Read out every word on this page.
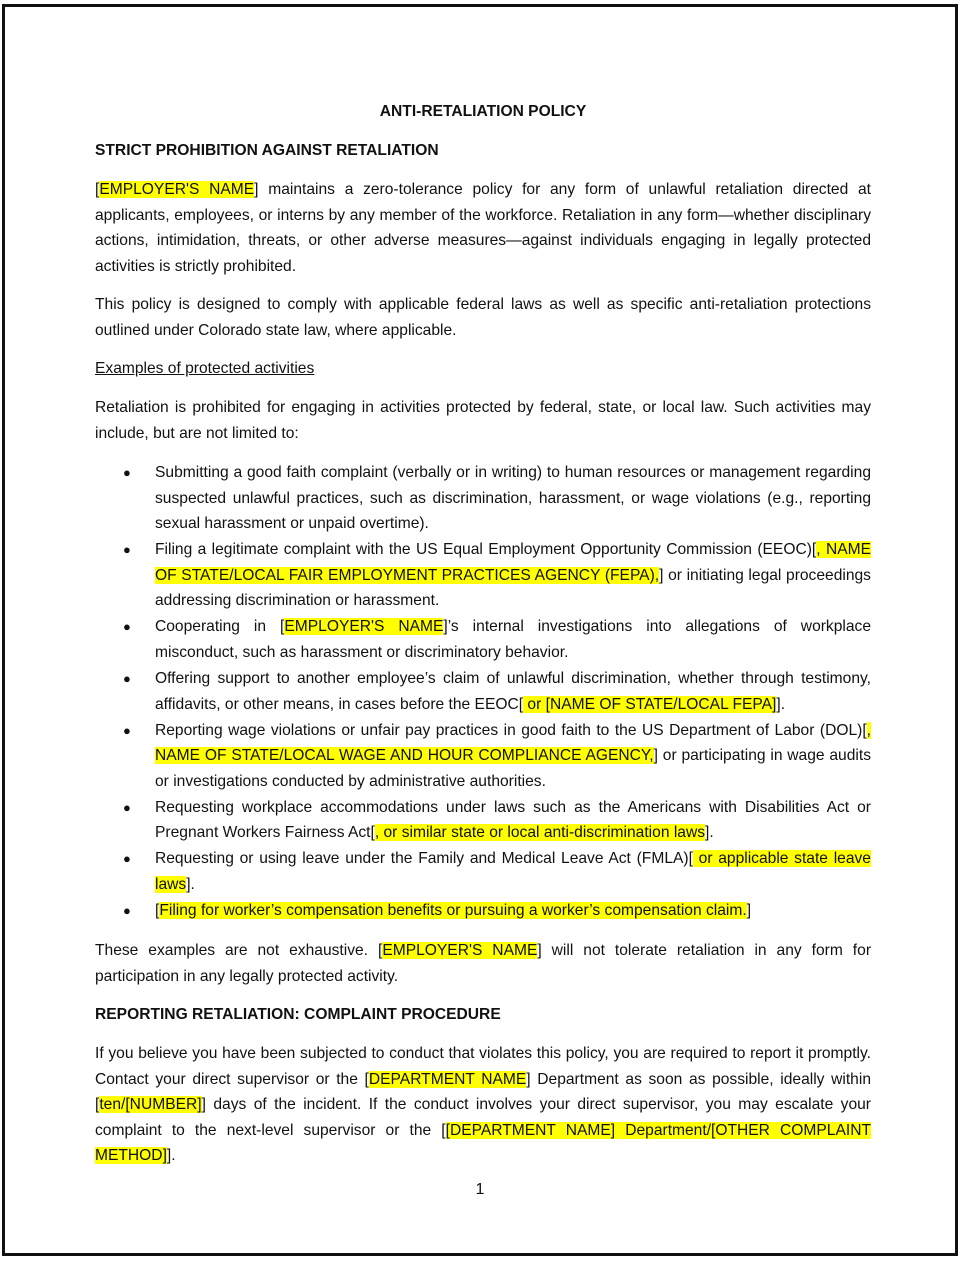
ANTI-RETALIATION POLICY
STRICT PROHIBITION AGAINST RETALIATION

[EMPLOYER'S NAME] maintains a zero-tolerance policy for any form of unlawful retaliation directed at applicants, employees, or interns by any member of the workforce. Retaliation in any form—whether disciplinary actions, intimidation, threats, or other adverse measures—against individuals engaging in legally protected activities is strictly prohibited.

This policy is designed to comply with applicable federal laws as well as specific anti-retaliation protections outlined under Colorado state law, where applicable.

Examples of protected activities

Retaliation is prohibited for engaging in activities protected by federal, state, or local law. Such activities may include, but are not limited to:

● Submitting a good faith complaint (verbally or in writing) to human resources or management regarding suspected unlawful practices, such as discrimination, harassment, or wage violations (e.g., reporting sexual harassment or unpaid overtime).
● Filing a legitimate complaint with the US Equal Employment Opportunity Commission (EEOC)[, NAME OF STATE/LOCAL FAIR EMPLOYMENT PRACTICES AGENCY (FEPA),] or initiating legal proceedings addressing discrimination or harassment.
● Cooperating in [EMPLOYER'S NAME]’s internal investigations into allegations of workplace misconduct, such as harassment or discriminatory behavior.
● Offering support to another employee’s claim of unlawful discrimination, whether through testimony, affidavits, or other means, in cases before the EEOC[ or [NAME OF STATE/LOCAL FEPA]].
● Reporting wage violations or unfair pay practices in good faith to the US Department of Labor (DOL)[, NAME OF STATE/LOCAL WAGE AND HOUR COMPLIANCE AGENCY,] or participating in wage audits or investigations conducted by administrative authorities.
● Requesting workplace accommodations under laws such as the Americans with Disabilities Act or Pregnant Workers Fairness Act[, or similar state or local anti-discrimination laws].
● Requesting or using leave under the Family and Medical Leave Act (FMLA)[ or applicable state leave laws].
● [Filing for worker’s compensation benefits or pursuing a worker’s compensation claim.]

These examples are not exhaustive. [EMPLOYER'S NAME] will not tolerate retaliation in any form for participation in any legally protected activity.

REPORTING RETALIATION: COMPLAINT PROCEDURE

If you believe you have been subjected to conduct that violates this policy, you are required to report it promptly. Contact your direct supervisor or the [DEPARTMENT NAME] Department as soon as possible, ideally within [ten/[NUMBER]] days of the incident. If the conduct involves your direct supervisor, you may escalate your complaint to the next-level supervisor or the [[DEPARTMENT NAME] Department/[OTHER COMPLAINT METHOD]].

1
